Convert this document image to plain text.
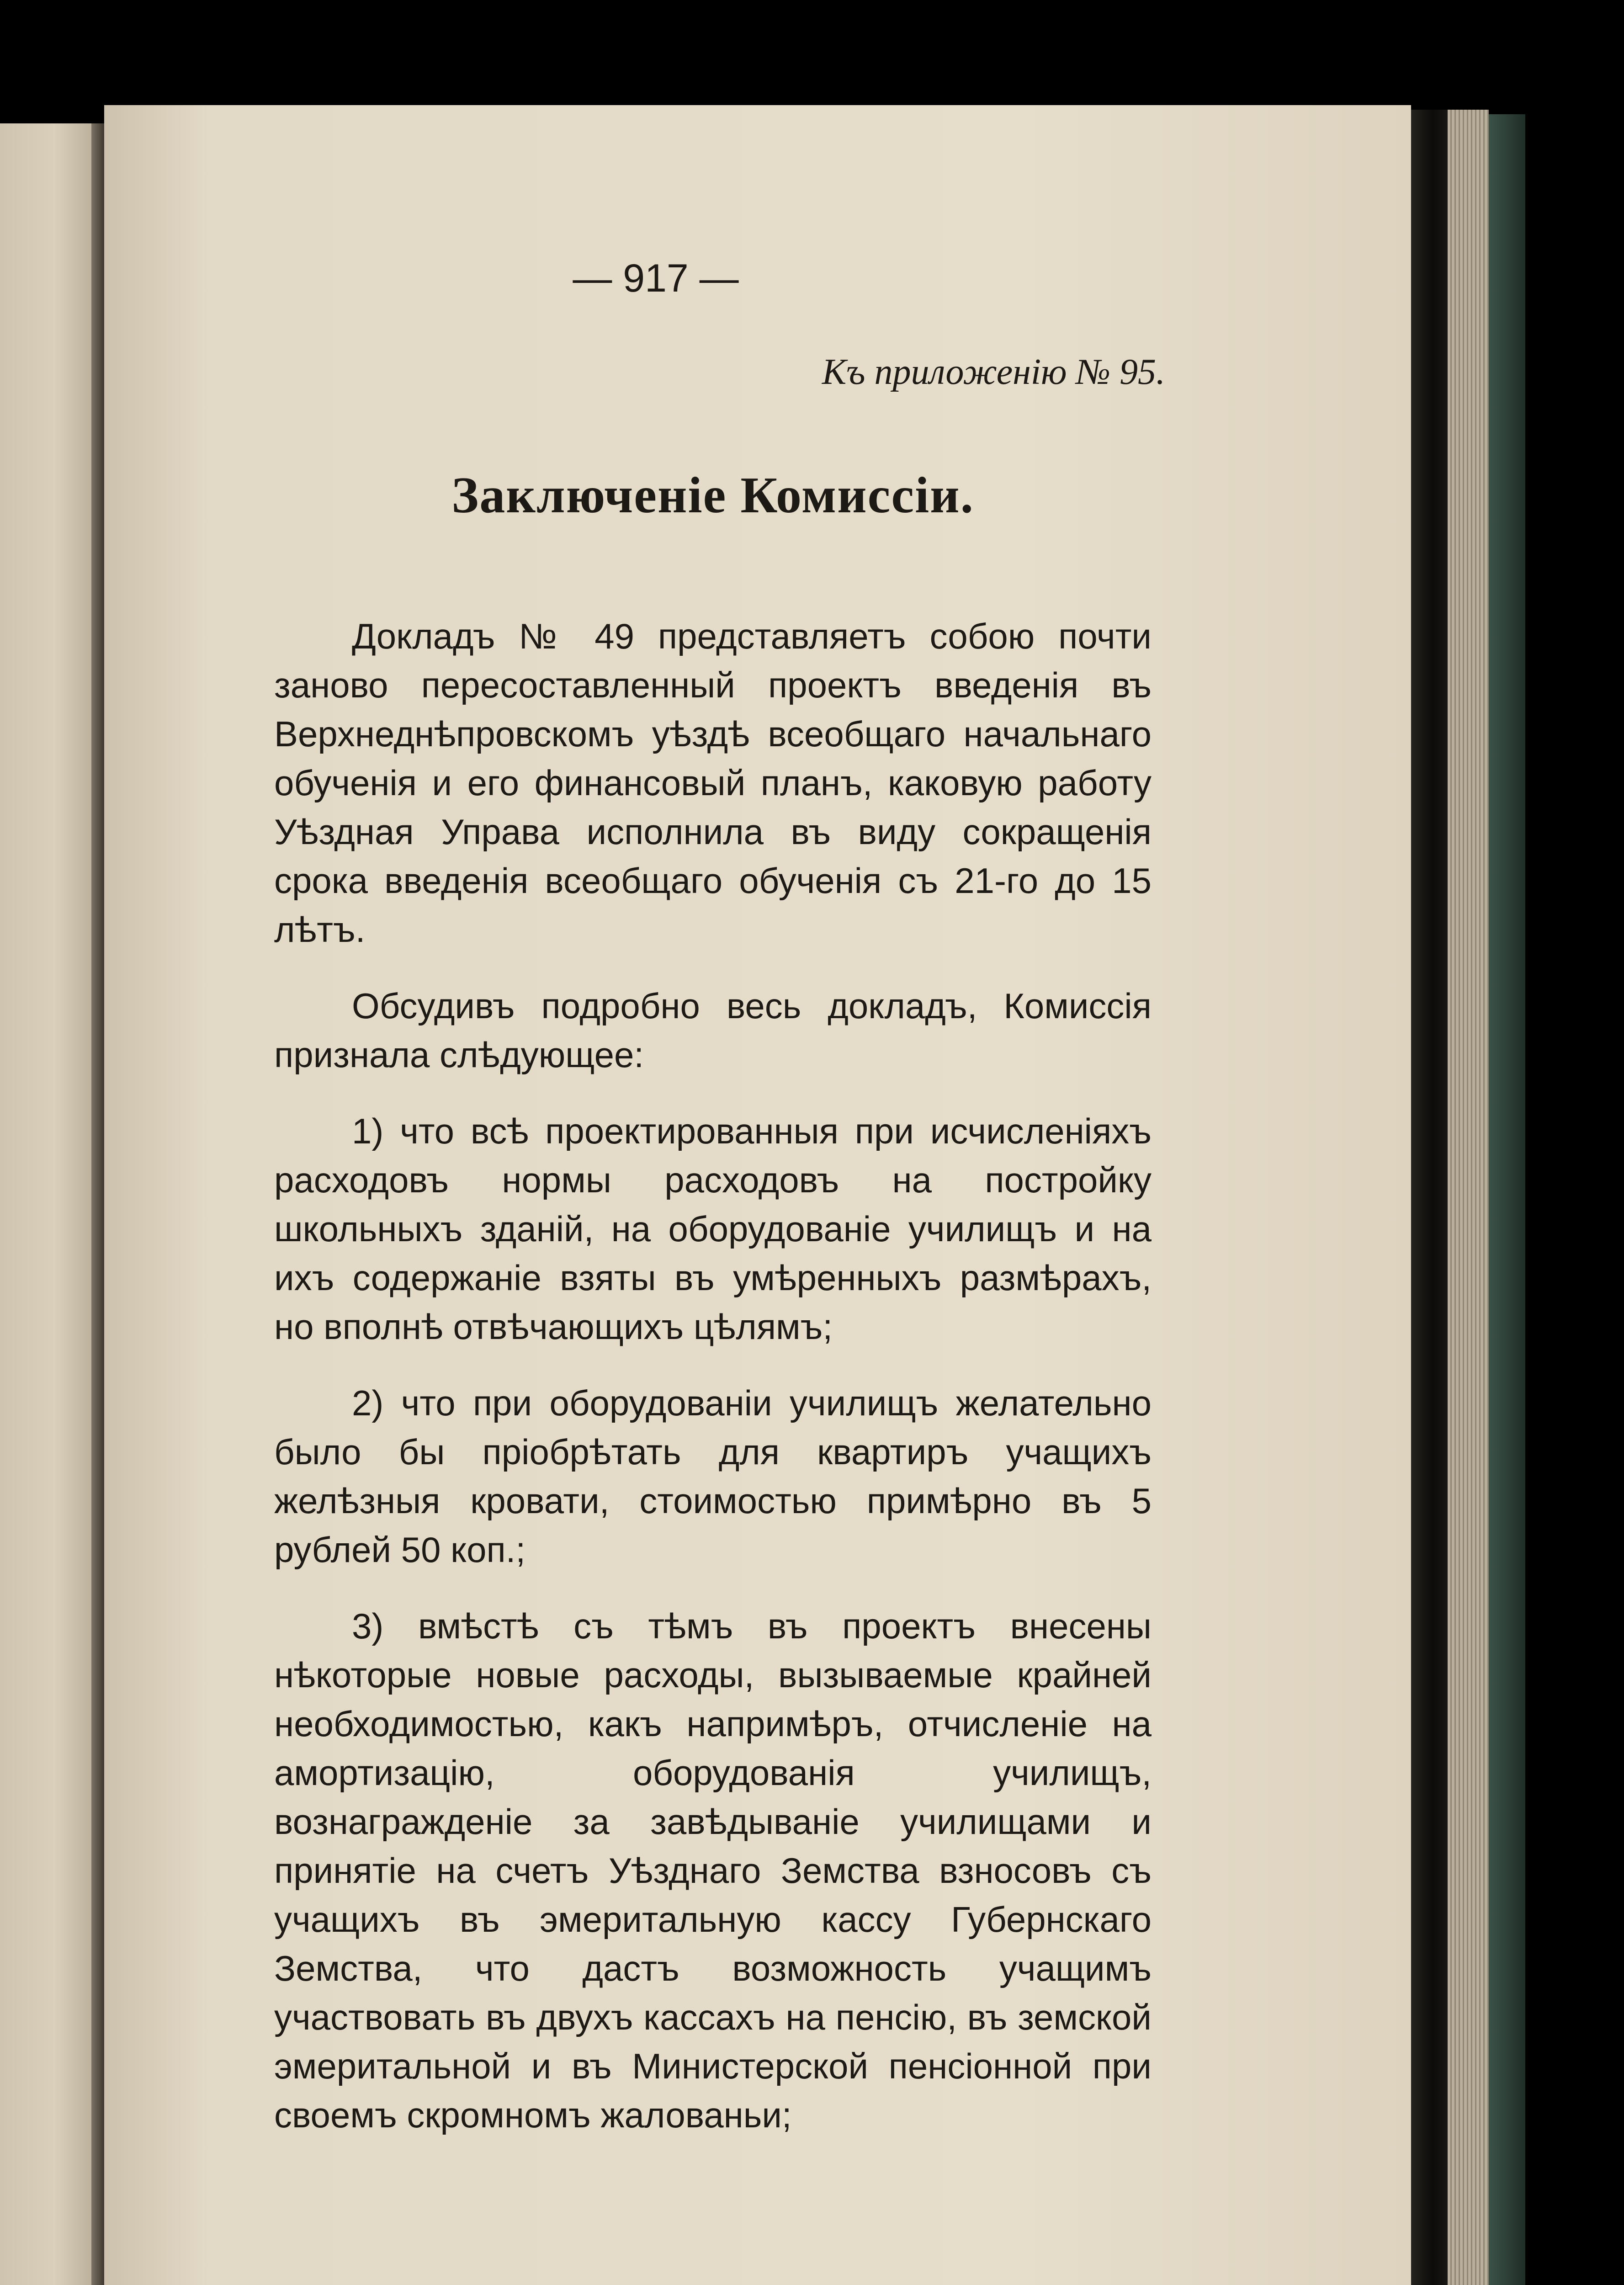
— 917 —
Къ приложенію № 95.
Заключеніе Комиссіи.

Докладъ № 49 представляетъ собою почти заново пересоставленный проектъ введенія въ Верхнеднѣпровскомъ уѣздѣ всеобщаго начальнаго обученія и его финансовый планъ, каковую работу Уѣздная Управа исполнила въ виду сокращенія срока введенія всеобщаго обученія съ 21-го до 15 лѣтъ.

Обсудивъ подробно весь докладъ, Комиссія признала слѣдующее:

1) что всѣ проектированныя при исчисленіяхъ расходовъ нормы расходовъ на постройку школьныхъ зданій, на оборудованіе училищъ и на ихъ содержаніе взяты въ умѣренныхъ размѣрахъ, но вполнѣ отвѣчающихъ цѣлямъ;

2) что при оборудованіи училищъ желательно было бы пріобрѣтать для квартиръ учащихъ желѣзныя кровати, стоимостью примѣрно въ 5 рублей 50 коп.;

3) вмѣстѣ съ тѣмъ въ проектъ внесены нѣкоторые новые расходы, вызываемые крайней необходимостью, какъ напримѣръ, отчисленіе на амортизацію, оборудованія училищъ, вознагражденіе за завѣдываніе училищами и принятіе на счетъ Уѣзднаго Земства взносовъ съ учащихъ въ эмеритальную кассу Губернскаго Земства, что дастъ возможность учащимъ участвовать въ двухъ кассахъ на пенсію, въ земской эмеритальной и въ Министерской пенсіонной при своемъ скромномъ жалованьи;
